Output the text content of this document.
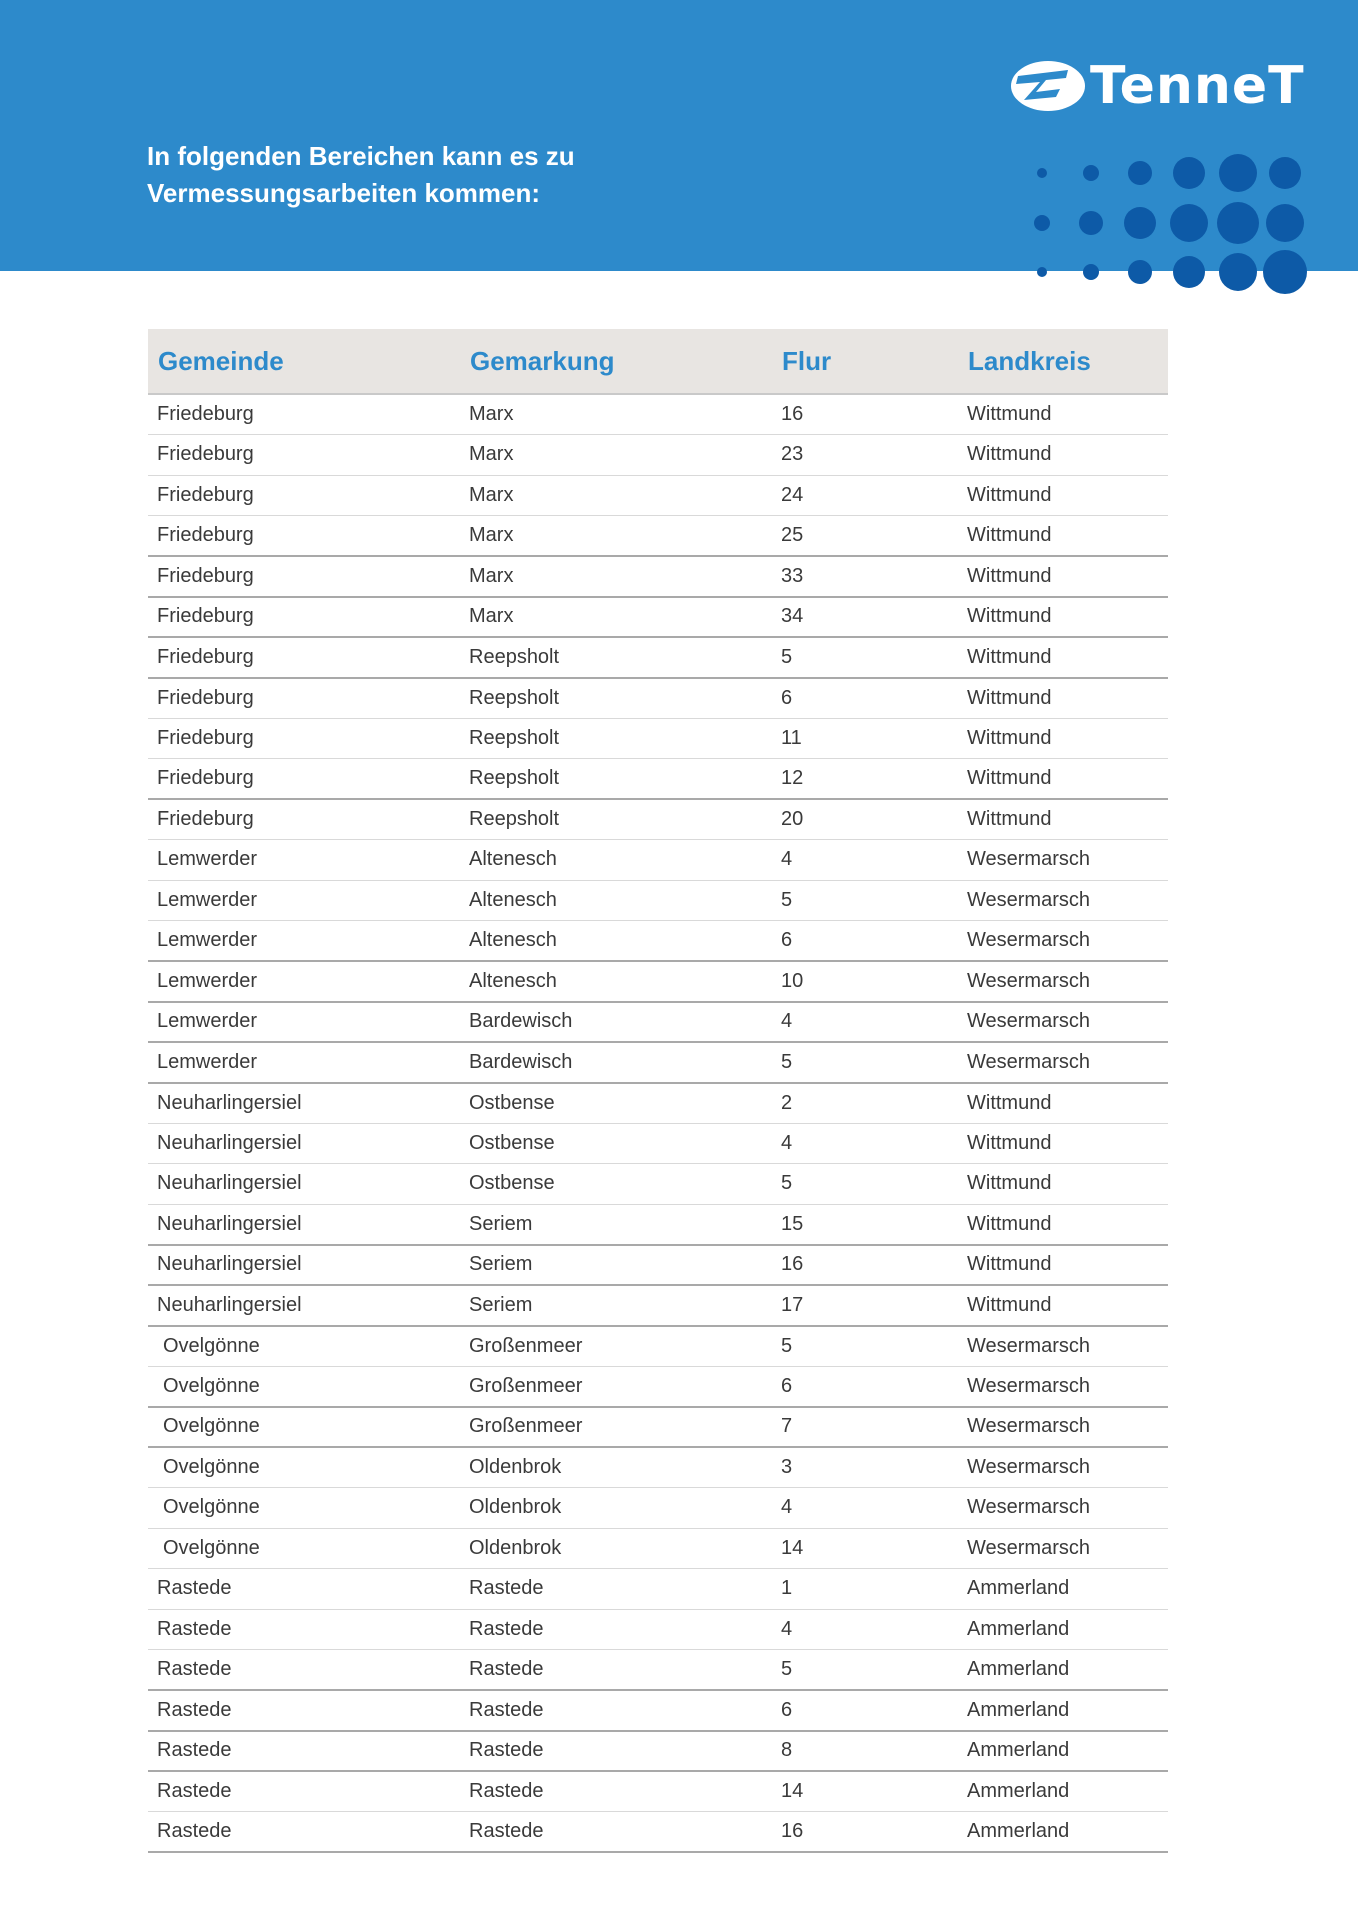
In folgenden Bereichen kann es zu
Vermessungsarbeiten kommen:
TenneT
Gemeinde	Gemarkung	Flur	Landkreis
Friedeburg	Marx	16	Wittmund
Friedeburg	Marx	23	Wittmund
Friedeburg	Marx	24	Wittmund
Friedeburg	Marx	25	Wittmund
Friedeburg	Marx	33	Wittmund
Friedeburg	Marx	34	Wittmund
Friedeburg	Reepsholt	5	Wittmund
Friedeburg	Reepsholt	6	Wittmund
Friedeburg	Reepsholt	11	Wittmund
Friedeburg	Reepsholt	12	Wittmund
Friedeburg	Reepsholt	20	Wittmund
Lemwerder	Altenesch	4	Wesermarsch
Lemwerder	Altenesch	5	Wesermarsch
Lemwerder	Altenesch	6	Wesermarsch
Lemwerder	Altenesch	10	Wesermarsch
Lemwerder	Bardewisch	4	Wesermarsch
Lemwerder	Bardewisch	5	Wesermarsch
Neuharlingersiel	Ostbense	2	Wittmund
Neuharlingersiel	Ostbense	4	Wittmund
Neuharlingersiel	Ostbense	5	Wittmund
Neuharlingersiel	Seriem	15	Wittmund
Neuharlingersiel	Seriem	16	Wittmund
Neuharlingersiel	Seriem	17	Wittmund
Ovelgönne	Großenmeer	5	Wesermarsch
Ovelgönne	Großenmeer	6	Wesermarsch
Ovelgönne	Großenmeer	7	Wesermarsch
Ovelgönne	Oldenbrok	3	Wesermarsch
Ovelgönne	Oldenbrok	4	Wesermarsch
Ovelgönne	Oldenbrok	14	Wesermarsch
Rastede	Rastede	1	Ammerland
Rastede	Rastede	4	Ammerland
Rastede	Rastede	5	Ammerland
Rastede	Rastede	6	Ammerland
Rastede	Rastede	8	Ammerland
Rastede	Rastede	14	Ammerland
Rastede	Rastede	16	Ammerland
